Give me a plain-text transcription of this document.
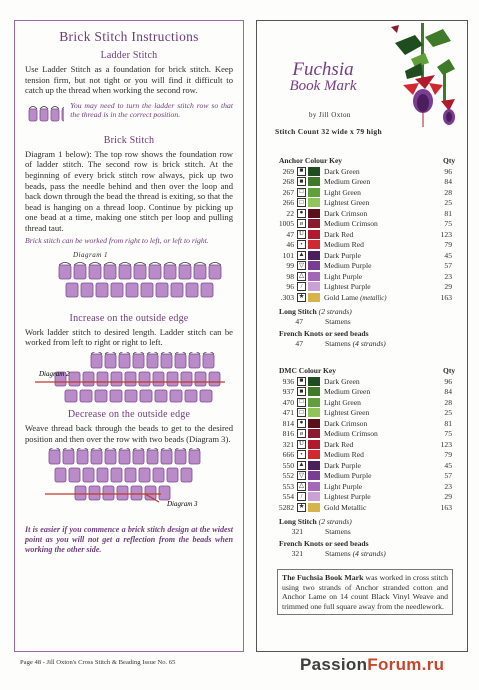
Brick Stitch Instructions
Ladder Stitch

Use Ladder Stitch as a foundation for brick stitch. Keep tension firm, but not tight or you will find it difficult to catch up the thread when working the second row.

You may need to turn the ladder stitch row so that the thread is in the correct position.

Brick Stitch

Diagram 1 below): The top row shows the foundation row of ladder stitch. The second row is brick stitch. At the beginning of every brick stitch row always, pick up two beads, pass the needle behind and then over the loop and back down through the bead the thread is exiting, so that the bead is hanging on a thread loop. Continue by picking up one bead at a time, making one stitch per loop and pulling thread taut.

Brick stitch can be worked from right to left, or left to right.

Diagram 1
Increase on the outside edge

Work ladder stitch to desired length. Ladder stitch can be worked from left to right or right to left.

Diagram 2
Decrease on the outside edge

Weave thread back through the beads to get to the desired position and then over the row with two beads (Diagram 3).

Diagram 3

It is easier if you commence a brick stitch design at the widest point as you will not get a reflection from the beads when working the other side.

Fuchsia
Book Mark
by Jill Oxton
Stitch Count 32 wide x 79 high
Anchor Colour Key	Qty
269 ■	Dark Green	96
268 ■	Medium Green	84
267 □	Light Green	28
266 □	Lightest Green	25
22 ●	Dark Crimson	81
1005 ø	Medium Crimson	75
47 U	Dark Red	123
46 •	Medium Red	79
101 ▲	Dark Purple	45
99 ▽	Medium Purple	57
98 △	Light Purple	23
96	/	Lightest Purple	29
.303 ★	Gold Lame (metallic)	163
Long Stitch (2 strands)
47	Stamens
French Knots or seed beads
47	Stamens (4 strands)
DMC Colour Key	Qty
936 ■	Dark Green	96
937 ■	Medium Green	84
470 □	Light Green	28
471 □	Lightest Green	25
814 ●	Dark Crimson	81
816 ø	Medium Crimson	75
321 U	Dark Red	123
666 •	Medium Red	79
550 ▲	Dark Purple	45
552 ▽	Medium Purple	57
553 △	Light Purple	23
554	/	Lightest Purple	29
5282 ★	Gold Metallic	163
Long Stitch (2 strands)
321	Stamens
French Knots or seed beads
321	Stamens (4 strands)
The Fuchsia Book Mark was worked in cross stitch using two strands of Anchor stranded cotton and Anchor Lame on 14 count Black Vinyl Weave and trimmed one full square away from the needlework.
Page 48 - Jill Oxton's Cross Stitch & Beading Issue No. 65	PassionForum.ru
